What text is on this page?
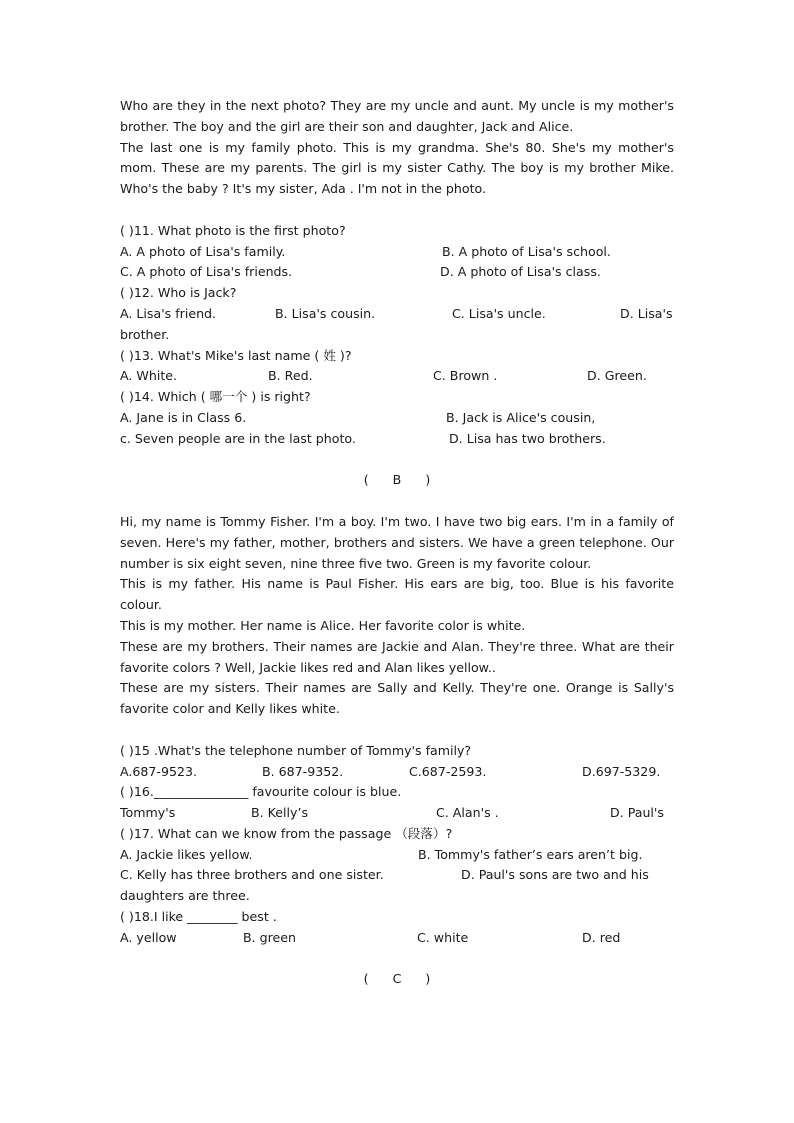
Who are they in the next photo? They are my uncle and aunt. My uncle is my mother's brother. The boy and the girl are their son and daughter, Jack and Alice.
The last one is my family photo. This is my grandma. She's 80. She's my mother's mom. These are my parents. The girl is my sister Cathy. The boy is my brother Mike. Who's the baby ? It's my sister, Ada . I'm not in the photo.
( )11. What photo is the first photo?
A. A photo of Lisa's family.	B. A photo of Lisa's school.
C. A photo of Lisa's friends.	D. A photo of Lisa's class.
( )12. Who is Jack?
A. Lisa's friend.	B. Lisa's cousin.	C. Lisa's uncle.	D. Lisa's
brother.
( )13. What's Mike's last name ( 姓 )?
A. White.	B. Red.	C. Brown .	D. Green.
( )14. Which ( 哪一个 ) is right?
A. Jane is in Class 6.	B. Jack is Alice's cousin,
c. Seven people are in the last photo.	D. Lisa has two brothers.
(      B      )
Hi, my name is Tommy Fisher. I'm a boy. I'm two. I have two big ears. I'm in a family of seven. Here's my father, mother, brothers and sisters. We have a green telephone. Our number is six eight seven, nine three five two. Green is my favorite colour.
This is my father. His name is Paul Fisher. His ears are big, too. Blue is his favorite colour.
This is my mother. Her name is Alice. Her favorite color is white.
These are my brothers. Their names are Jackie and Alan. They're three. What are their favorite colors ? Well, Jackie likes red and Alan likes yellow..
These are my sisters. Their names are Sally and Kelly. They're one. Orange is Sally's favorite color and Kelly likes white.
( )15 .What's the telephone number of Tommy's family?
A.687-9523.	B. 687-9352.	C.687-2593.	D.697-5329.
( )16._______________ favourite colour is blue.
Tommy's	B. Kelly’s	C. Alan's .	D. Paul's
( )17. What can we know from the passage （段落）?
A. Jackie likes yellow.	B. Tommy's father’s ears aren’t big.
C. Kelly has three brothers and one sister.	D. Paul's sons are two and his
daughters are three.
( )18.I like ________ best .
A. yellow	B. green	C. white	D. red
(      C      )
